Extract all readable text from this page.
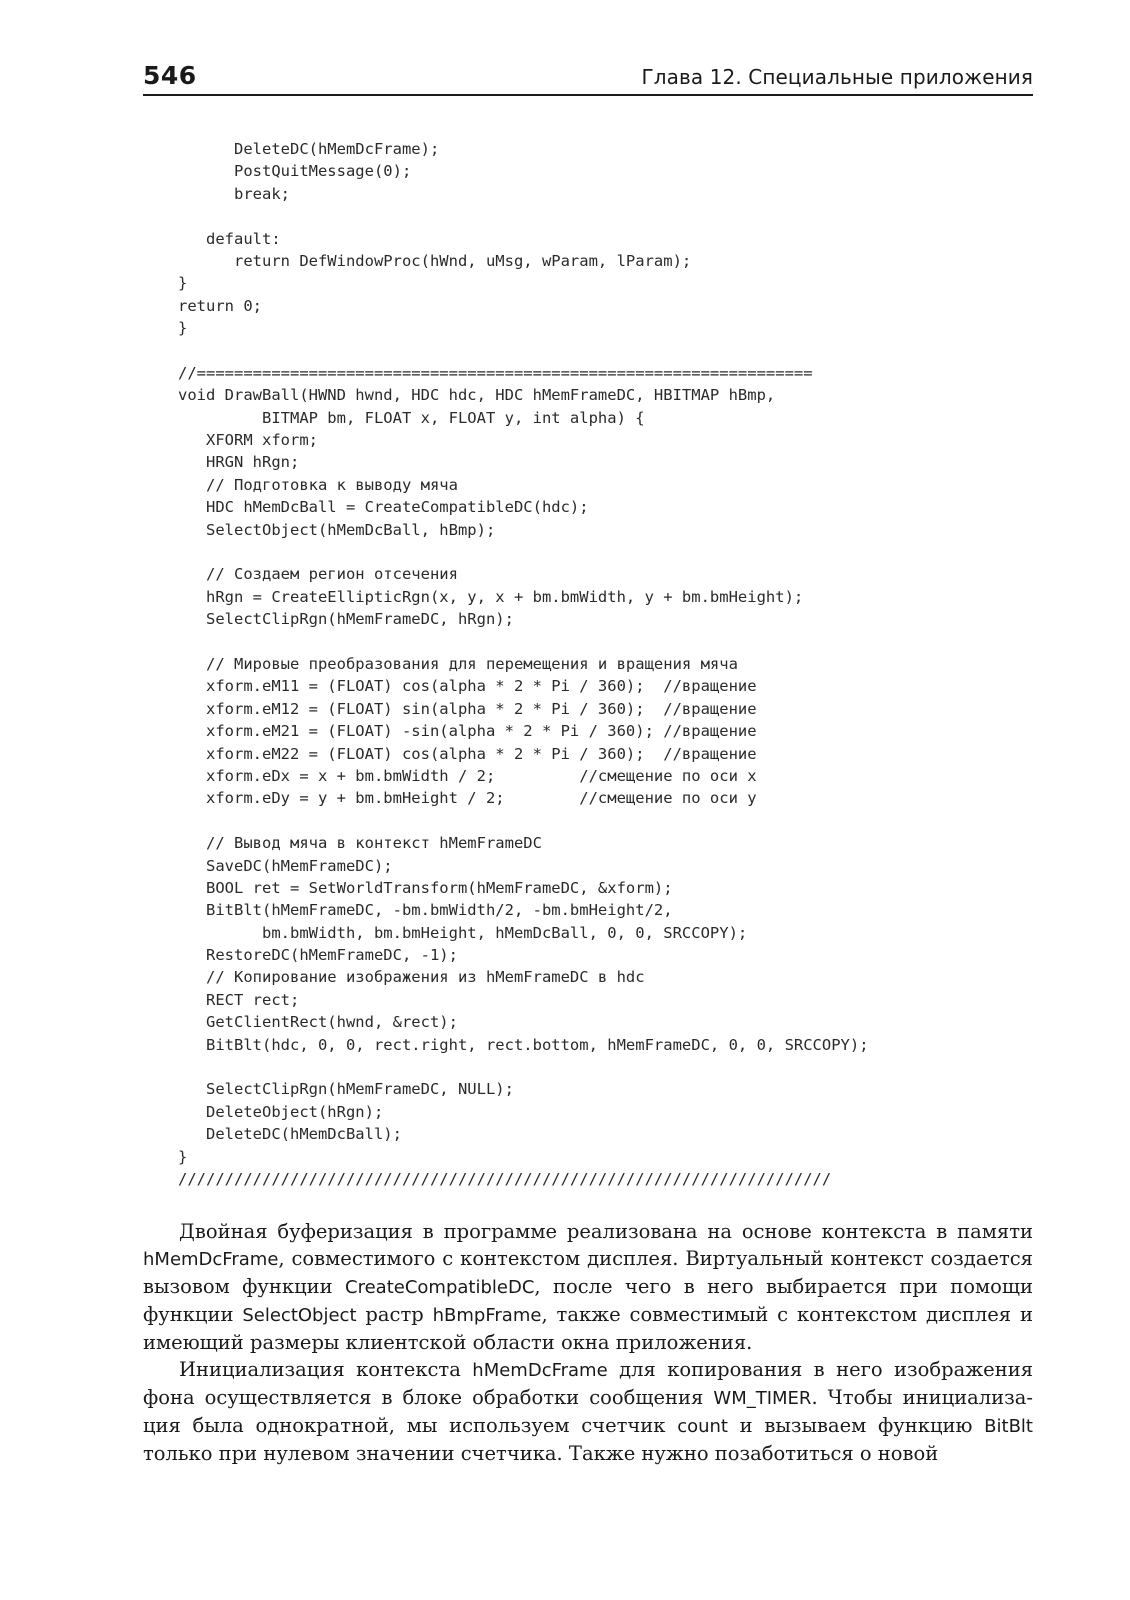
546	Глава 12. Специальные приложения
DeleteDC(hMemDcFrame);
PostQuitMessage(0);
break;
default:
return DefWindowProc(hWnd, uMsg, wParam, lParam);
}
return 0;
}
//==================================================================
void DrawBall(HWND hwnd, HDC hdc, HDC hMemFrameDC, HBITMAP hBmp,
BITMAP bm, FLOAT x, FLOAT y, int alpha) {
XFORM xform;
HRGN hRgn;
// Подготовка к выводу мяча
HDC hMemDcBall = CreateCompatibleDC(hdc);
SelectObject(hMemDcBall, hBmp);
// Создаем регион отсечения
hRgn = CreateEllipticRgn(x, y, x + bm.bmWidth, y + bm.bmHeight);
SelectClipRgn(hMemFrameDC, hRgn);
// Мировые преобразования для перемещения и вращения мяча
xform.eM11 = (FLOAT) cos(alpha * 2 * Pi / 360);  //вращение
xform.eM12 = (FLOAT) sin(alpha * 2 * Pi / 360);  //вращение
xform.eM21 = (FLOAT) -sin(alpha * 2 * Pi / 360); //вращение
xform.eM22 = (FLOAT) cos(alpha * 2 * Pi / 360);  //вращение
xform.eDx = x + bm.bmWidth / 2;         //смещение по оси x
xform.eDy = y + bm.bmHeight / 2;        //смещение по оси y
// Вывод мяча в контекст hMemFrameDC
SaveDC(hMemFrameDC);
BOOL ret = SetWorldTransform(hMemFrameDC, &xform);
BitBlt(hMemFrameDC, -bm.bmWidth/2, -bm.bmHeight/2,
bm.bmWidth, bm.bmHeight, hMemDcBall, 0, 0, SRCCOPY);
RestoreDC(hMemFrameDC, -1);
// Копирование изображения из hMemFrameDC в hdc
RECT rect;
GetClientRect(hwnd, &rect);
BitBlt(hdc, 0, 0, rect.right, rect.bottom, hMemFrameDC, 0, 0, SRCCOPY);
SelectClipRgn(hMemFrameDC, NULL);
DeleteObject(hRgn);
DeleteDC(hMemDcBall);
}
//////////////////////////////////////////////////////////////////////

Двойная буферизация в программе реализована на основе контекста в памяти hMemDcFrame, совместимого с контекстом дисплея. Виртуальный контекст создается вызовом функции CreateCompatibleDC, после чего в него выбирается при помощи функции SelectObject растр hBmpFrame, также совместимый с контекстом дисплея и имеющий размеры клиентской области окна приложения.

Инициализация контекста hMemDcFrame для копирования в него изображения фона осуществляется в блоке обработки сообщения WM_TIMER. Чтобы инициализация была однократной, мы используем счетчик count и вызываем функцию BitBlt только при нулевом значении счетчика. Также нужно позаботиться о новой
